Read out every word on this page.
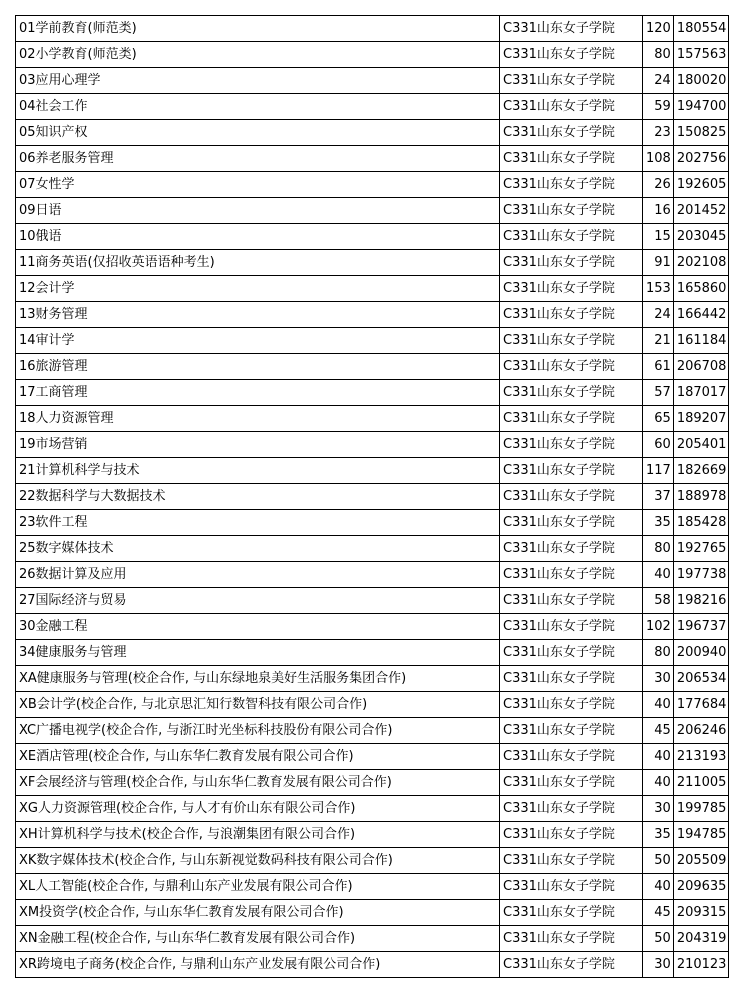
01学前教育(师范类)	C331山东女子学院	120	180554
02小学教育(师范类)	C331山东女子学院	80	157563
03应用心理学	C331山东女子学院	24	180020
04社会工作	C331山东女子学院	59	194700
05知识产权	C331山东女子学院	23	150825
06养老服务管理	C331山东女子学院	108	202756
07女性学	C331山东女子学院	26	192605
09日语	C331山东女子学院	16	201452
10俄语	C331山东女子学院	15	203045
11商务英语(仅招收英语语种考生)	C331山东女子学院	91	202108
12会计学	C331山东女子学院	153	165860
13财务管理	C331山东女子学院	24	166442
14审计学	C331山东女子学院	21	161184
16旅游管理	C331山东女子学院	61	206708
17工商管理	C331山东女子学院	57	187017
18人力资源管理	C331山东女子学院	65	189207
19市场营销	C331山东女子学院	60	205401
21计算机科学与技术	C331山东女子学院	117	182669
22数据科学与大数据技术	C331山东女子学院	37	188978
23软件工程	C331山东女子学院	35	185428
25数字媒体技术	C331山东女子学院	80	192765
26数据计算及应用	C331山东女子学院	40	197738
27国际经济与贸易	C331山东女子学院	58	198216
30金融工程	C331山东女子学院	102	196737
34健康服务与管理	C331山东女子学院	80	200940
XA健康服务与管理(校企合作, 与山东绿地泉美好生活服务集团合作)	C331山东女子学院	30	206534
XB会计学(校企合作, 与北京思汇知行数智科技有限公司合作)	C331山东女子学院	40	177684
XC广播电视学(校企合作, 与浙江时光坐标科技股份有限公司合作)	C331山东女子学院	45	206246
XE酒店管理(校企合作, 与山东华仁教育发展有限公司合作)	C331山东女子学院	40	213193
XF会展经济与管理(校企合作, 与山东华仁教育发展有限公司合作)	C331山东女子学院	40	211005
XG人力资源管理(校企合作, 与人才有价山东有限公司合作)	C331山东女子学院	30	199785
XH计算机科学与技术(校企合作, 与浪潮集团有限公司合作)	C331山东女子学院	35	194785
XK数字媒体技术(校企合作, 与山东新视觉数码科技有限公司合作)	C331山东女子学院	50	205509
XL人工智能(校企合作, 与鼎利山东产业发展有限公司合作)	C331山东女子学院	40	209635
XM投资学(校企合作, 与山东华仁教育发展有限公司合作)	C331山东女子学院	45	209315
XN金融工程(校企合作, 与山东华仁教育发展有限公司合作)	C331山东女子学院	50	204319
XR跨境电子商务(校企合作, 与鼎利山东产业发展有限公司合作)	C331山东女子学院	30	210123
